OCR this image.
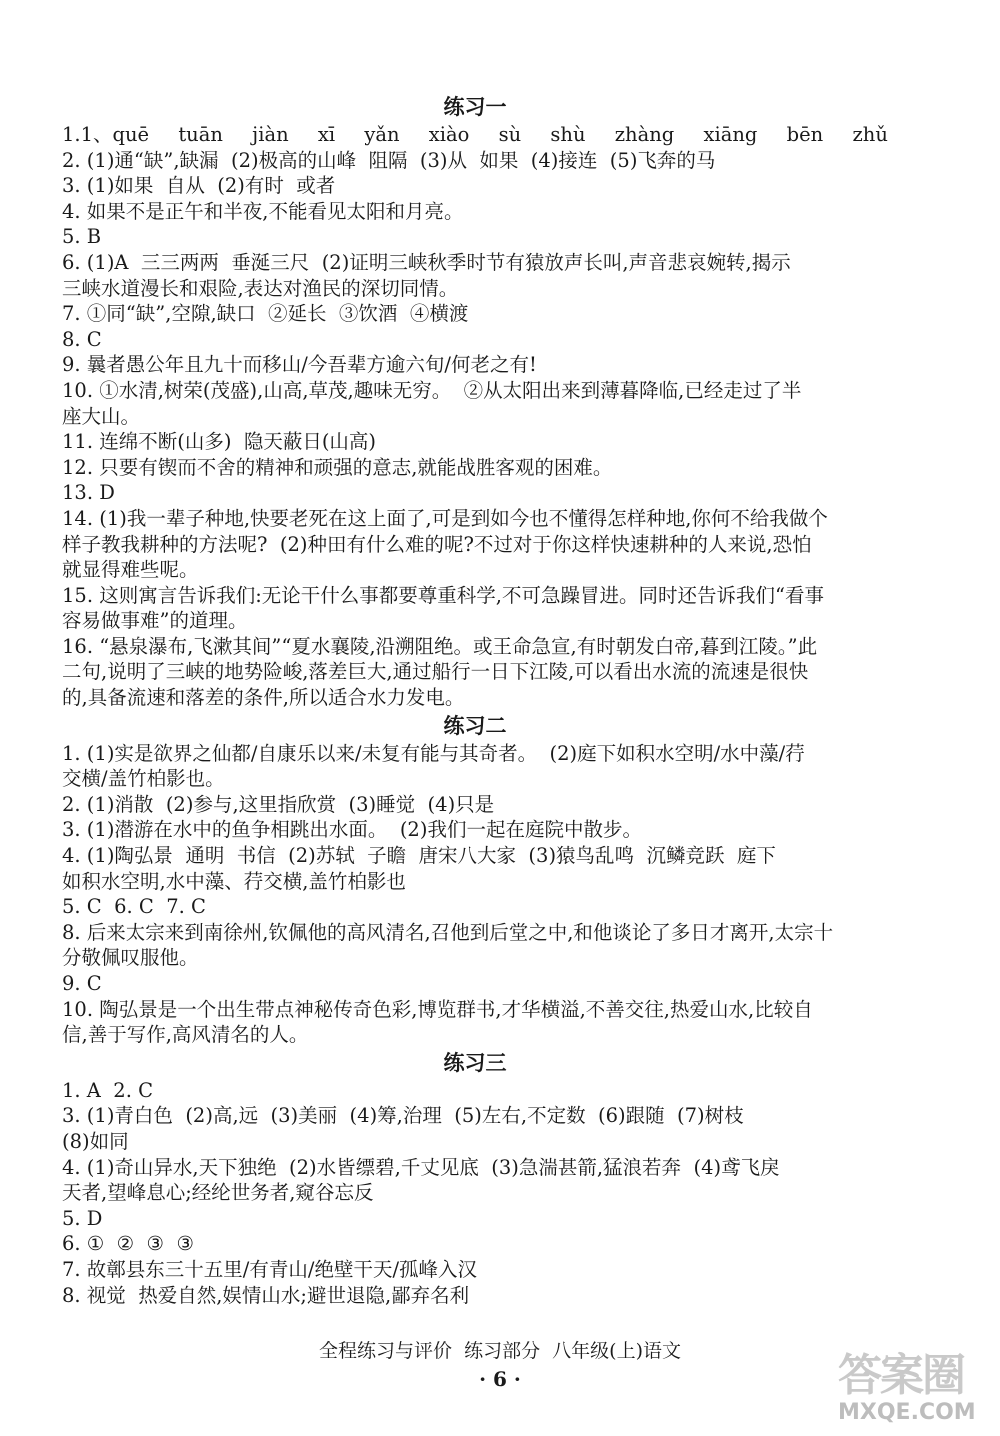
练习一
1.1、quē tuān jiàn xī yǎn xiào sù shù zhàng xiāng bēn zhǔ

2. (1)通“缺”,缺漏  (2)极高的山峰  阻隔  (3)从  如果  (4)接连  (5)飞奔的马

3. (1)如果  自从  (2)有时  或者

4. 如果不是正午和半夜,不能看见太阳和月亮。

5. B

6. (1)A  三三两两  垂涎三尺  (2)证明三峡秋季时节有猿放声长叫,声音悲哀婉转,揭示

三峡水道漫长和艰险,表达对渔民的深切同情。

7. ①同“缺”,空隙,缺口  ②延长  ③饮酒  ④横渡

8. C

9. 曩者愚公年且九十而移山/今吾辈方逾六旬/何老之有!

10. ①水清,树荣(茂盛),山高,草茂,趣味无穷。  ②从太阳出来到薄暮降临,已经走过了半

座大山。

11. 连绵不断(山多)  隐天蔽日(山高)

12. 只要有锲而不舍的精神和顽强的意志,就能战胜客观的困难。

13. D

14. (1)我一辈子种地,快要老死在这上面了,可是到如今也不懂得怎样种地,你何不给我做个

样子教我耕种的方法呢?  (2)种田有什么难的呢?不过对于你这样快速耕种的人来说,恐怕

就显得难些呢。

15. 这则寓言告诉我们:无论干什么事都要尊重科学,不可急躁冒进。同时还告诉我们“看事

容易做事难”的道理。

16. “悬泉瀑布,飞漱其间”“夏水襄陵,沿溯阻绝。或王命急宣,有时朝发白帝,暮到江陵。”此

二句,说明了三峡的地势险峻,落差巨大,通过船行一日下江陵,可以看出水流的流速是很快

的,具备流速和落差的条件,所以适合水力发电。

练习二

1. (1)实是欲界之仙都/自康乐以来/未复有能与其奇者。  (2)庭下如积水空明/水中藻/荇

交横/盖竹柏影也。

2. (1)消散  (2)参与,这里指欣赏  (3)睡觉  (4)只是

3. (1)潜游在水中的鱼争相跳出水面。  (2)我们一起在庭院中散步。

4. (1)陶弘景  通明  书信  (2)苏轼  子瞻  唐宋八大家  (3)猿鸟乱鸣  沉鳞竞跃  庭下

如积水空明,水中藻、荇交横,盖竹柏影也

5. C  6. C  7. C

8. 后来太宗来到南徐州,钦佩他的高风清名,召他到后堂之中,和他谈论了多日才离开,太宗十

分敬佩叹服他。

9. C

10. 陶弘景是一个出生带点神秘传奇色彩,博览群书,才华横溢,不善交往,热爱山水,比较自

信,善于写作,高风清名的人。

练习三

1. A  2. C

3. (1)青白色  (2)高,远  (3)美丽  (4)筹,治理  (5)左右,不定数  (6)跟随  (7)树枝

(8)如同

4. (1)奇山异水,天下独绝  (2)水皆缥碧,千丈见底  (3)急湍甚箭,猛浪若奔  (4)鸢飞戾

天者,望峰息心;经纶世务者,窥谷忘反

5. D

6. ①  ②  ③  ③

7. 故鄣县东三十五里/有青山/绝壁干天/孤峰入汉

8. 视觉  热爱自然,娱情山水;避世退隐,鄙弃名利

全程练习与评价  练习部分  八年级(上)语文
· 6 ·	答案圈
MXQE.COM
